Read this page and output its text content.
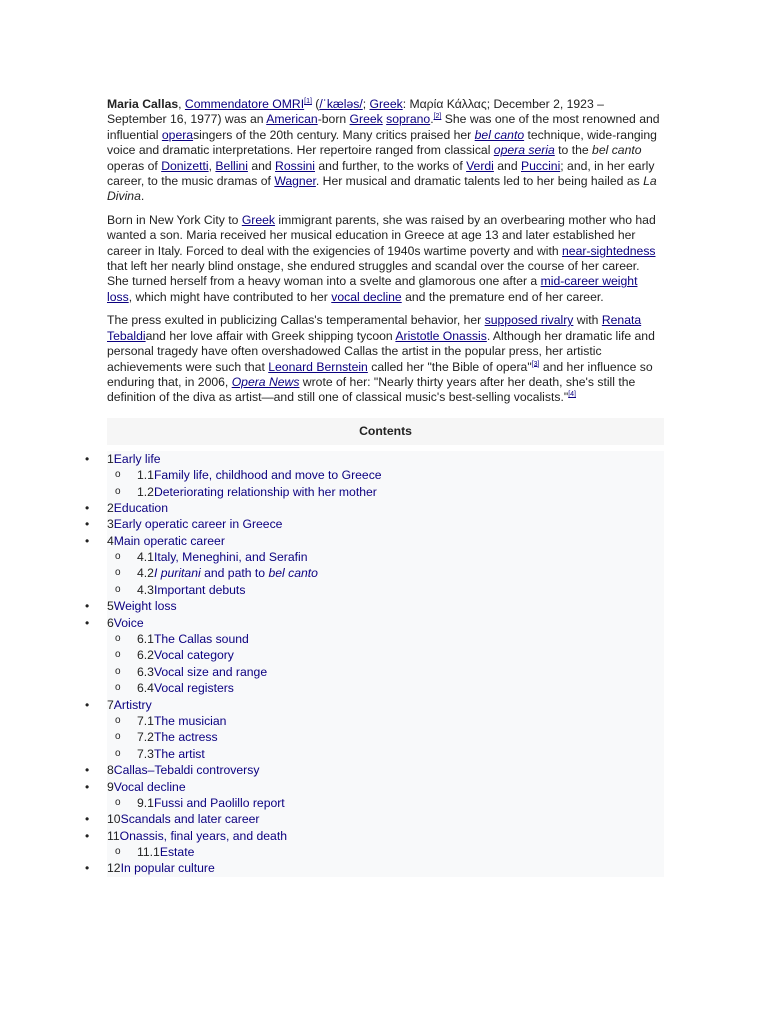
Maria Callas, Commendatore OMRI[1] (/ˈkæləs/; Greek: Μαρία Κάλλας; December 2, 1923 – September 16, 1977) was an American-born Greek soprano.[2] She was one of the most renowned and influential operasingers of the 20th century. Many critics praised her bel canto technique, wide-ranging voice and dramatic interpretations. Her repertoire ranged from classical opera seria to the bel canto operas of Donizetti, Bellini and Rossini and further, to the works of Verdi and Puccini; and, in her early career, to the music dramas of Wagner. Her musical and dramatic talents led to her being hailed as La Divina.

Born in New York City to Greek immigrant parents, she was raised by an overbearing mother who had wanted a son. Maria received her musical education in Greece at age 13 and later established her career in Italy. Forced to deal with the exigencies of 1940s wartime poverty and with near-sightedness that left her nearly blind onstage, she endured struggles and scandal over the course of her career. She turned herself from a heavy woman into a svelte and glamorous one after a mid-career weight loss, which might have contributed to her vocal decline and the premature end of her career.

The press exulted in publicizing Callas's temperamental behavior, her supposed rivalry with Renata Tebaldiand her love affair with Greek shipping tycoon Aristotle Onassis. Although her dramatic life and personal tragedy have often overshadowed Callas the artist in the popular press, her artistic achievements were such that Leonard Bernstein called her "the Bible of opera"[3] and her influence so enduring that, in 2006, Opera News wrote of her: "Nearly thirty years after her death, she's still the definition of the diva as artist—and still one of classical music's best-selling vocalists."[4]

Contents
• 1Early life
o 1.1Family life, childhood and move to Greece
o 1.2Deteriorating relationship with her mother
• 2Education
• 3Early operatic career in Greece
• 4Main operatic career
o 4.1Italy, Meneghini, and Serafin
o 4.2I puritani and path to bel canto
o 4.3Important debuts
• 5Weight loss
• 6Voice
o 6.1The Callas sound
o 6.2Vocal category
o 6.3Vocal size and range
o 6.4Vocal registers
• 7Artistry
o 7.1The musician
o 7.2The actress
o 7.3The artist
• 8Callas–Tebaldi controversy
• 9Vocal decline
o 9.1Fussi and Paolillo report
• 10Scandals and later career
• 11Onassis, final years, and death
o 11.1Estate
• 12In popular culture
